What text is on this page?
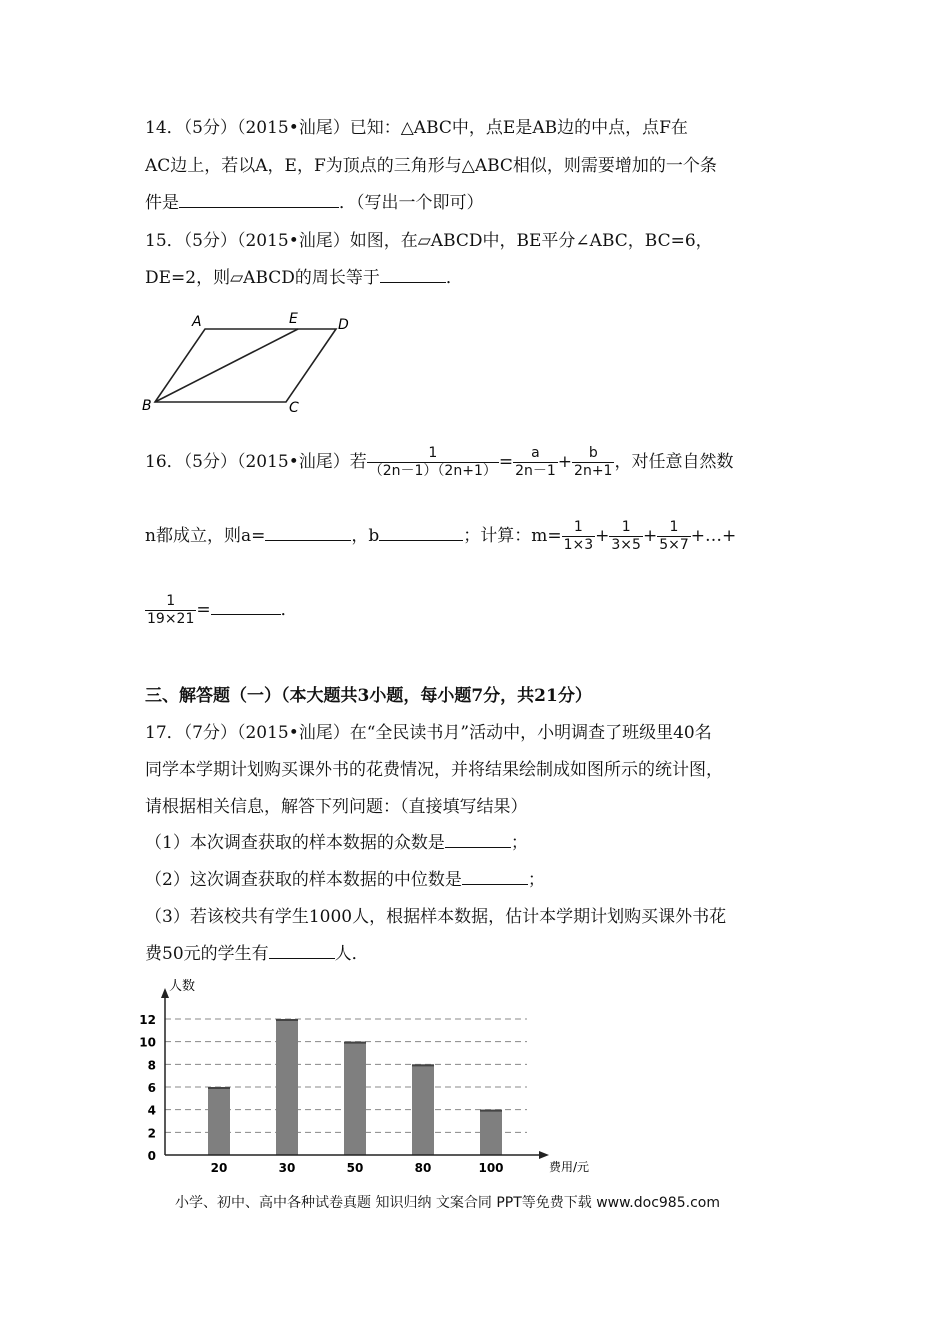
14．（5分）（2015•汕尾）已知：△ABC中，点E是AB边的中点，点F在
AC边上，若以A，E，F为顶点的三角形与△ABC相似，则需要增加的一个条
件是	．（写出一个即可）
15．（5分）（2015•汕尾）如图，在▱ABCD中，BE平分∠ABC，BC=6，
DE=2，则▱ABCD的周长等于	．
A	E	D
B	C
16．（5分）（2015•汕尾）若 $\frac{1}{(2n-1)(2n+1)} = \frac{a}{2n-1} + \frac{b}{2n+1}$ ，对任意自然数
n都成立，则a=	，b	；计算：$m= \frac{1}{1\times 3} + \frac{1}{3\times 5} + \frac{1}{5\times 7}$ +…+
$\frac{1}{19\times 21}$ =	．
三、解答题（一）（本大题共3小题，每小题7分，共21分）
17．（7分）（2015•汕尾）在“全民读书月”活动中，小明调查了班级里40名
同学本学期计划购买课外书的花费情况，并将结果绘制成如图所示的统计图，
请根据相关信息，解答下列问题：（直接填写结果）
（1）本次调查获取的样本数据的众数是	；
（2）这次调查获取的样本数据的中位数是	；
（3）若该校共有学生1000人，根据样本数据，估计本学期计划购买课外书花
费50元的学生有	人．
0
2
4
6
8
10
12
20	30	50	80	100
人数
费用/元
小学、初中、高中各种试卷真题 知识归纳 文案合同 PPT等免费下载 www.doc985.com
